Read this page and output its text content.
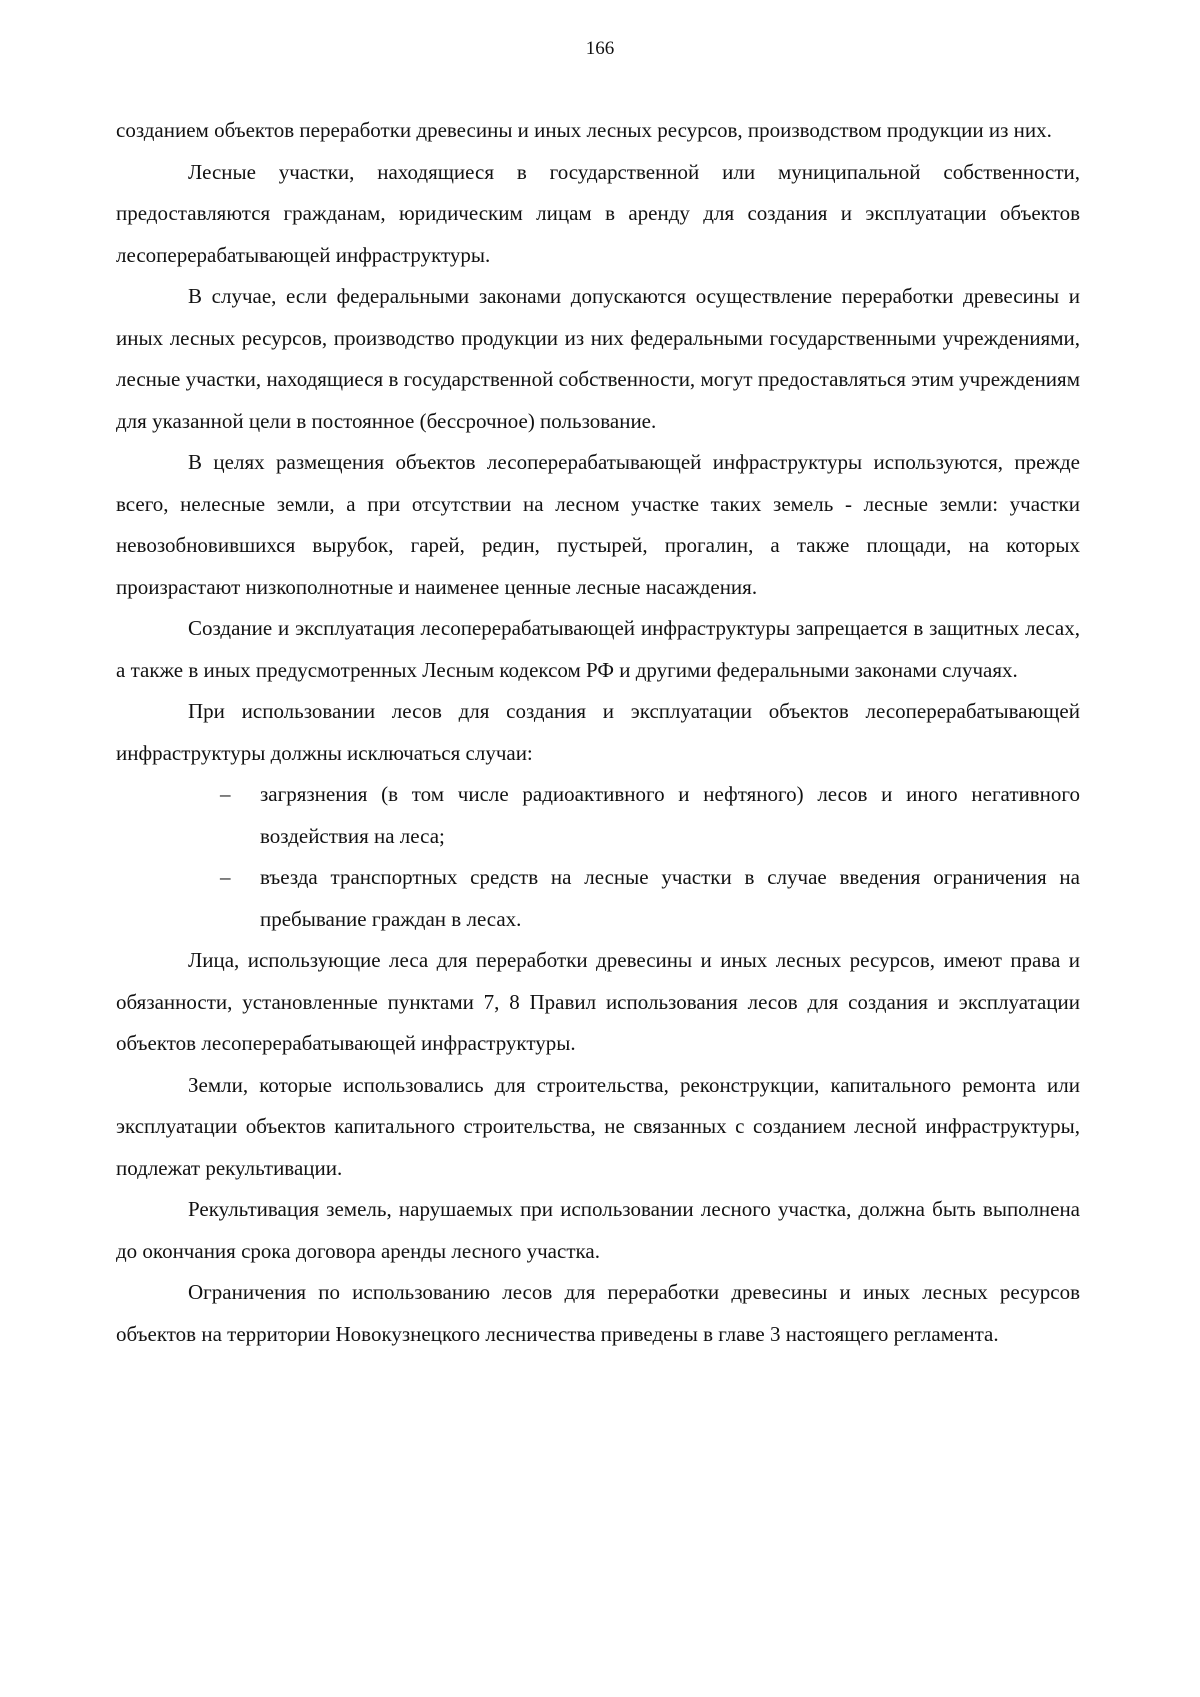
166

созданием объектов переработки древесины и иных лесных ресурсов, производством продукции из них.

Лесные участки, находящиеся в государственной или муниципальной собственности, предоставляются гражданам, юридическим лицам в аренду для создания и эксплуатации объектов лесоперерабатывающей инфраструктуры.

В случае, если федеральными законами допускаются осуществление переработки древесины и иных лесных ресурсов, производство продукции из них федеральными государственными учреждениями, лесные участки, находящиеся в государственной собственности, могут предоставляться этим учреждениям для указанной цели в постоянное (бессрочное) пользование.

В целях размещения объектов лесоперерабатывающей инфраструктуры используются, прежде всего, нелесные земли, а при отсутствии на лесном участке таких земель - лесные земли: участки невозобновившихся вырубок, гарей, редин, пустырей, прогалин, а также площади, на которых произрастают низкополнотные и наименее ценные лесные насаждения.

Создание и эксплуатация лесоперерабатывающей инфраструктуры запрещается в защитных лесах, а также в иных предусмотренных Лесным кодексом РФ и другими федеральными законами случаях.

При использовании лесов для создания и эксплуатации объектов лесоперерабатывающей инфраструктуры должны исключаться случаи:

– загрязнения (в том числе радиоактивного и нефтяного) лесов и иного негативного воздействия на леса;
– въезда транспортных средств на лесные участки в случае введения ограничения на пребывание граждан в лесах.

Лица, использующие леса для переработки древесины и иных лесных ресурсов, имеют права и обязанности, установленные пунктами 7, 8 Правил использования лесов для создания и эксплуатации объектов лесоперерабатывающей инфраструктуры.

Земли, которые использовались для строительства, реконструкции, капитального ремонта или эксплуатации объектов капитального строительства, не связанных с созданием лесной инфраструктуры, подлежат рекультивации.

Рекультивация земель, нарушаемых при использовании лесного участка, должна быть выполнена до окончания срока договора аренды лесного участка.

Ограничения по использованию лесов для переработки древесины и иных лесных ресурсов объектов на территории Новокузнецкого лесничества приведены в главе 3 настоящего регламента.
